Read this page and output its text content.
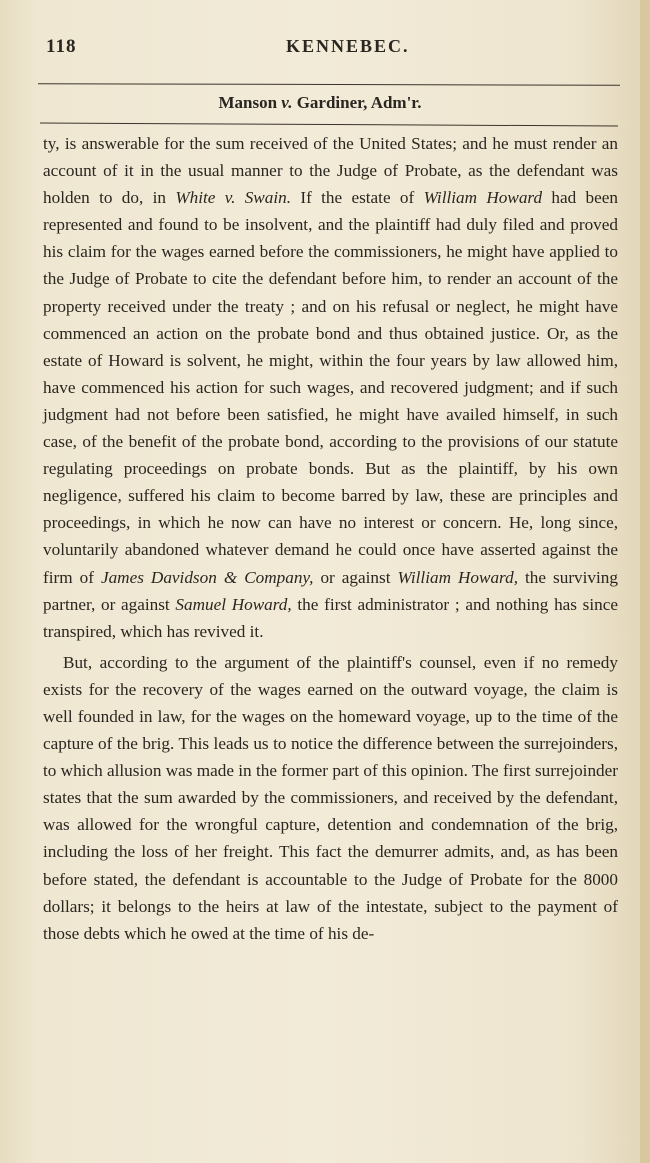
118	KENNEBEC.
Manson v. Gardiner, Adm'r.

ty, is answerable for the sum received of the United States; and he must render an account of it in the usual manner to the Judge of Probate, as the defendant was holden to do, in White v. Swain. If the estate of William Howard had been represented and found to be insolvent, and the plaintiff had duly filed and proved his claim for the wages earned before the commissioners, he might have applied to the Judge of Probate to cite the defendant before him, to render an account of the property received under the treaty ; and on his refusal or neglect, he might have commenced an action on the probate bond and thus obtained justice. Or, as the estate of Howard is solvent, he might, within the four years by law allowed him, have commenced his action for such wages, and recovered judgment; and if such judgment had not before been satisfied, he might have availed himself, in such case, of the benefit of the probate bond, according to the provisions of our statute regulating proceedings on probate bonds. But as the plaintiff, by his own negligence, suffered his claim to become barred by law, these are principles and proceedings, in which he now can have no interest or concern. He, long since, voluntarily abandoned whatever demand he could once have asserted against the firm of James Davidson & Company, or against William Howard, the surviving partner, or against Samuel Howard, the first administrator ; and nothing has since transpired, which has revived it.

But, according to the argument of the plaintiff's counsel, even if no remedy exists for the recovery of the wages earned on the outward voyage, the claim is well founded in law, for the wages on the homeward voyage, up to the time of the capture of the brig. This leads us to notice the difference between the surrejoinders, to which allusion was made in the former part of this opinion. The first surrejoinder states that the sum awarded by the commissioners, and received by the defendant, was allowed for the wrongful capture, detention and condemnation of the brig, including the loss of her freight. This fact the demurrer admits, and, as has been before stated, the defendant is accountable to the Judge of Probate for the 8000 dollars; it belongs to the heirs at law of the intestate, subject to the payment of those debts which he owed at the time of his de-
